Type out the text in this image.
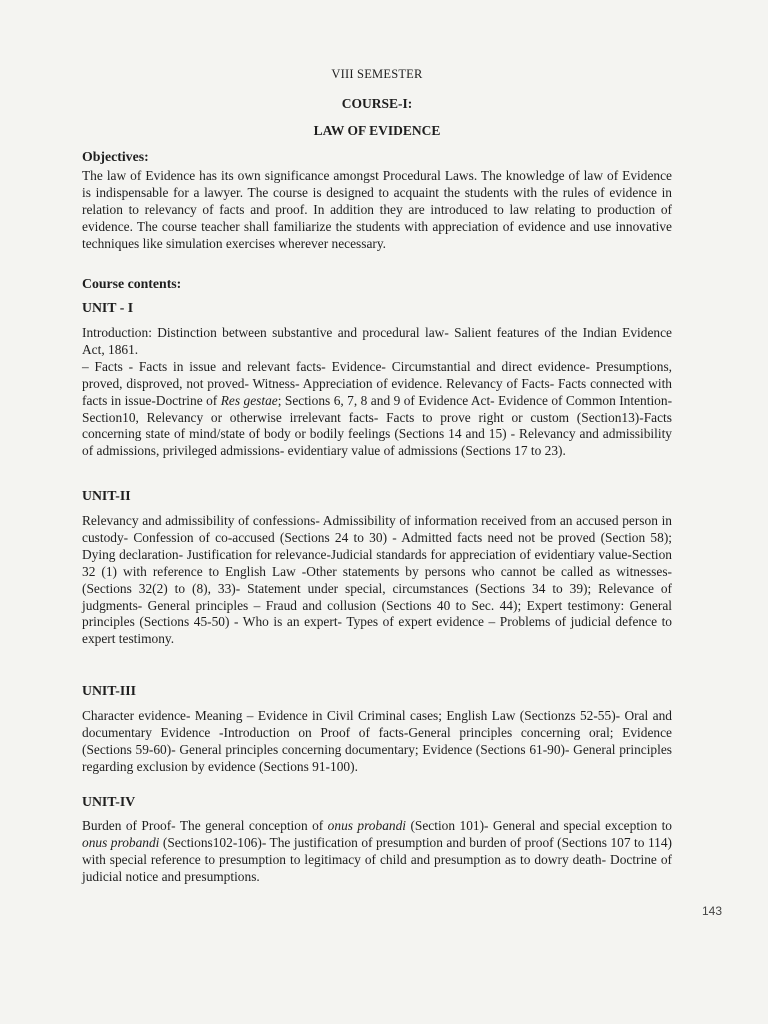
VIII SEMESTER
COURSE-I:
LAW OF EVIDENCE
Objectives:

The law of Evidence has its own significance amongst Procedural Laws. The knowledge of law of Evidence is indispensable for a lawyer. The course is designed to acquaint the students with the rules of evidence in relation to relevancy of facts and proof. In addition they are introduced to law relating to production of evidence. The course teacher shall familiarize the students with appreciation of evidence and use innovative techniques like simulation exercises wherever necessary.

Course contents:
UNIT - I

Introduction: Distinction between substantive and procedural law- Salient features of the Indian Evidence Act, 1861.

– Facts - Facts in issue and relevant facts- Evidence- Circumstantial and direct evidence- Presumptions, proved, disproved, not proved- Witness- Appreciation of evidence. Relevancy of Facts- Facts connected with facts in issue-Doctrine of Res gestae; Sections 6, 7, 8 and 9 of Evidence Act- Evidence of Common Intention-Section10, Relevancy or otherwise irrelevant facts- Facts to prove right or custom (Section13)-Facts concerning state of mind/state of body or bodily feelings (Sections 14 and 15) - Relevancy and admissibility of admissions, privileged admissions- evidentiary value of admissions (Sections 17 to 23).

UNIT-II

Relevancy and admissibility of confessions- Admissibility of information received from an accused person in custody- Confession of co-accused (Sections 24 to 30) - Admitted facts need not be proved (Section 58); Dying declaration- Justification for relevance-Judicial standards for appreciation of evidentiary value-Section 32 (1) with reference to English Law -Other statements by persons who cannot be called as witnesses- (Sections 32(2) to (8), 33)- Statement under special, circumstances (Sections 34 to 39); Relevance of judgments- General principles – Fraud and collusion (Sections 40 to Sec. 44); Expert testimony: General principles (Sections 45-50) - Who is an expert- Types of expert evidence – Problems of judicial defence to expert testimony.

UNIT-III

Character evidence- Meaning – Evidence in Civil Criminal cases; English Law (Sectionzs 52-55)- Oral and documentary Evidence -Introduction on Proof of facts-General principles concerning oral; Evidence (Sections 59-60)- General principles concerning documentary; Evidence (Sections 61-90)- General principles regarding exclusion by evidence (Sections 91-100).

UNIT-IV

Burden of Proof- The general conception of onus probandi (Section 101)- General and special exception to onus probandi (Sections102-106)- The justification of presumption and burden of proof (Sections 107 to 114) with special reference to presumption to legitimacy of child and presumption as to dowry death- Doctrine of judicial notice and presumptions.

143
